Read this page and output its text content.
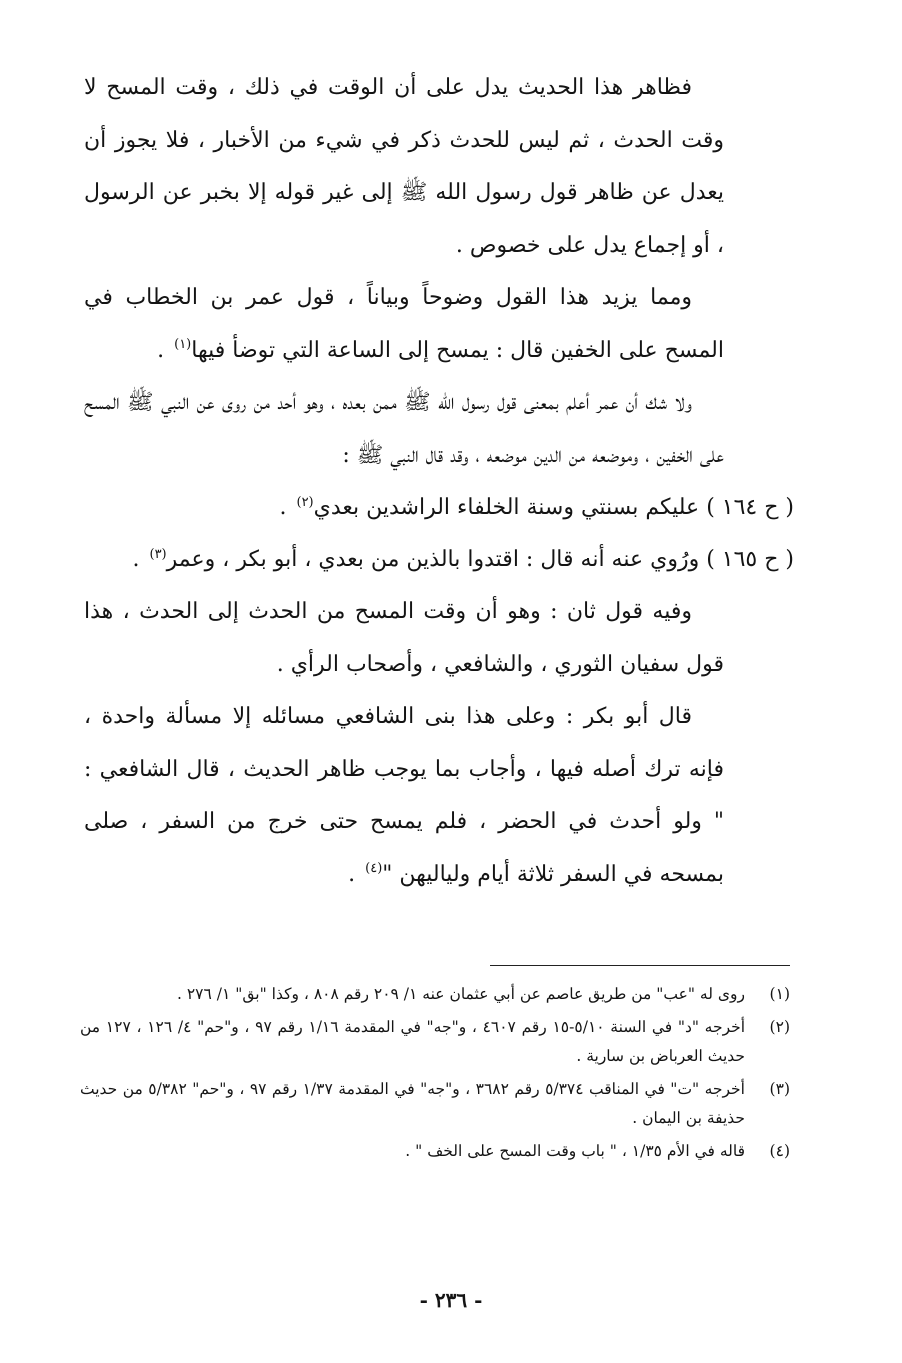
فظاهر هذا الحديث يدل على أن الوقت في ذلك ، وقت المسح لا وقت الحدث ، ثم ليس للحدث ذكر في شيء من الأخبار ، فلا يجوز أن يعدل عن ظاهر قول رسول الله ﷺ إلى غير قوله إلا بخبر عن الرسول ، أو إجماع يدل على خصوص .

ومما يزيد هذا القول وضوحاً وبياناً ، قول عمر بن الخطاب في المسح على الخفين قال : يمسح إلى الساعة التي توضأ فيها$^{(١)}$ .

ولا شك أن عمر أعلم بمعنى قول رسول الله ﷺ ممن بعده ، وهو أحد من روى عن النبي ﷺ المسح على الخفين ، وموضعه من الدين موضعه ، وقد قال النبي ﷺ :

( ح ١٦٤ ) عليكم بسنتي وسنة الخلفاء الراشدين بعدي$^{(٢)}$ .

( ح ١٦٥ ) ورُوي عنه أنه قال : اقتدوا بالذين من بعدي ، أبو بكر ، وعمر$^{(٣)}$ .

وفيه قول ثان : وهو أن وقت المسح من الحدث إلى الحدث ، هذا قول سفيان الثوري ، والشافعي ، وأصحاب الرأي .

قال أبو بكر : وعلى هذا بنى الشافعي مسائله إلا مسألة واحدة ، فإنه ترك أصله فيها ، وأجاب بما يوجب ظاهر الحديث ، قال الشافعي : " ولو أحدث في الحضر ، فلم يمسح حتى خرج من السفر ، صلى بمسحه في السفر ثلاثة أيام ولياليهن "$^{(٤)}$ .

(١)
روى له "عب" من طريق عاصم عن أبي عثمان عنه ١/ ٢٠٩ رقم ٨٠٨ ، وكذا "بق" ١/ ٢٧٦ .
(٢)
أخرجه "د" في السنة ٥/١٠-١٥ رقم ٤٦٠٧ ، و"جه" في المقدمة ١/١٦ رقم ٩٧ ، و"حم" ٤/ ١٢٦ ، ١٢٧ من حديث العرباض بن سارية .
(٣)
أخرجه "ت" في المناقب ٥/٣٧٤ رقم ٣٦٨٢ ، و"جه" في المقدمة ١/٣٧ رقم ٩٧ ، و"حم" ٥/٣٨٢ من حديث حذيفة بن اليمان .
(٤)
قاله في الأم ١/٣٥ ، " باب وقت المسح على الخف " .
- ٢٣٦ -
